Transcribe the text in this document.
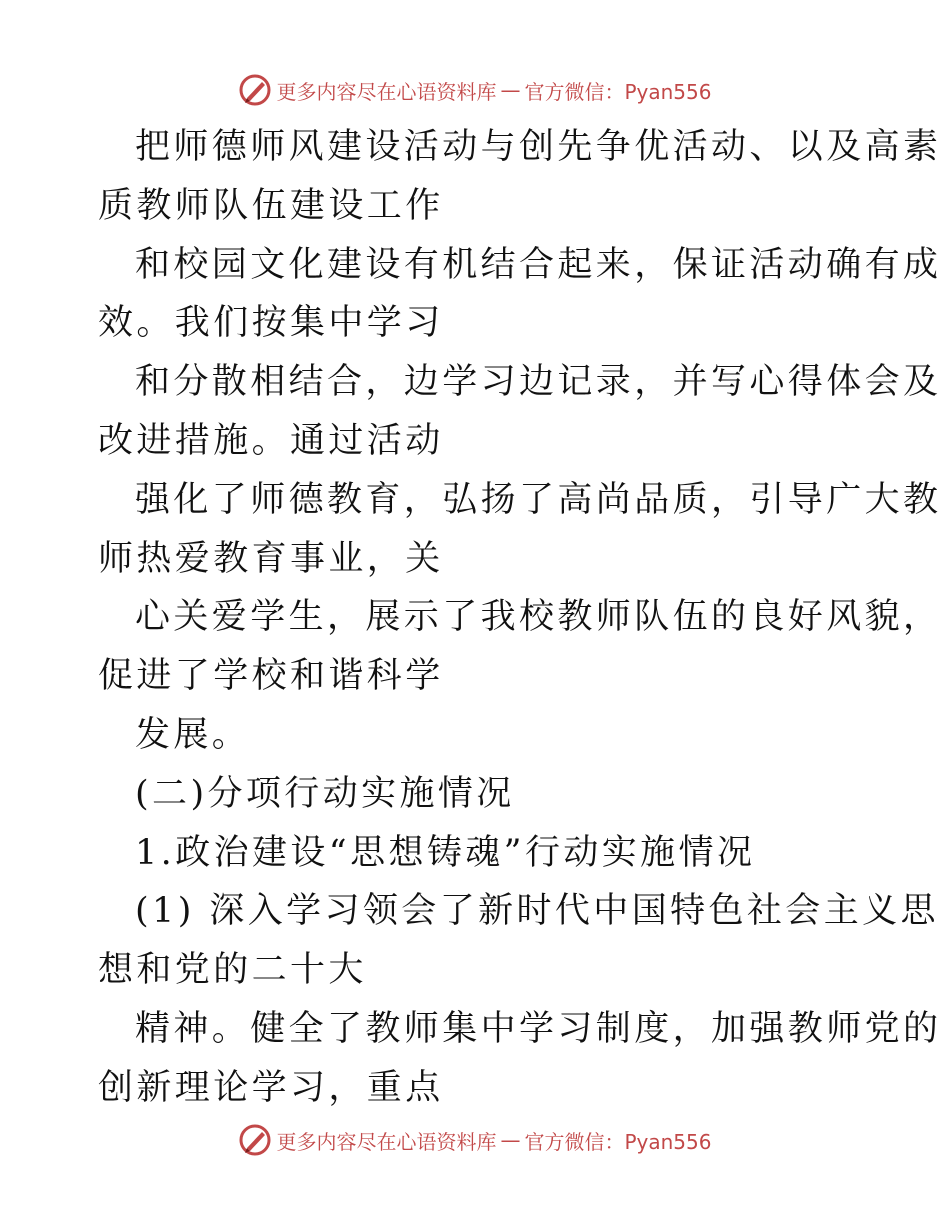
更多内容尽在心语资料库 — 官方微信：Pyan556
把师德师风建设活动与创先争优活动、以及高素
质教师队伍建设工作
和校园文化建设有机结合起来，保证活动确有成
效。我们按集中学习
和分散相结合，边学习边记录，并写心得体会及
改进措施。通过活动
强化了师德教育，弘扬了高尚品质，引导广大教
师热爱教育事业，关
心关爱学生，展示了我校教师队伍的良好风貌，
促进了学校和谐科学
发展。
(二)分项行动实施情况
1.政治建设“思想铸魂”行动实施情况
(1) 深入学习领会了新时代中国特色社会主义思
想和党的二十大
精神。健全了教师集中学习制度，加强教师党的
创新理论学习，重点
更多内容尽在心语资料库 — 官方微信：Pyan556
